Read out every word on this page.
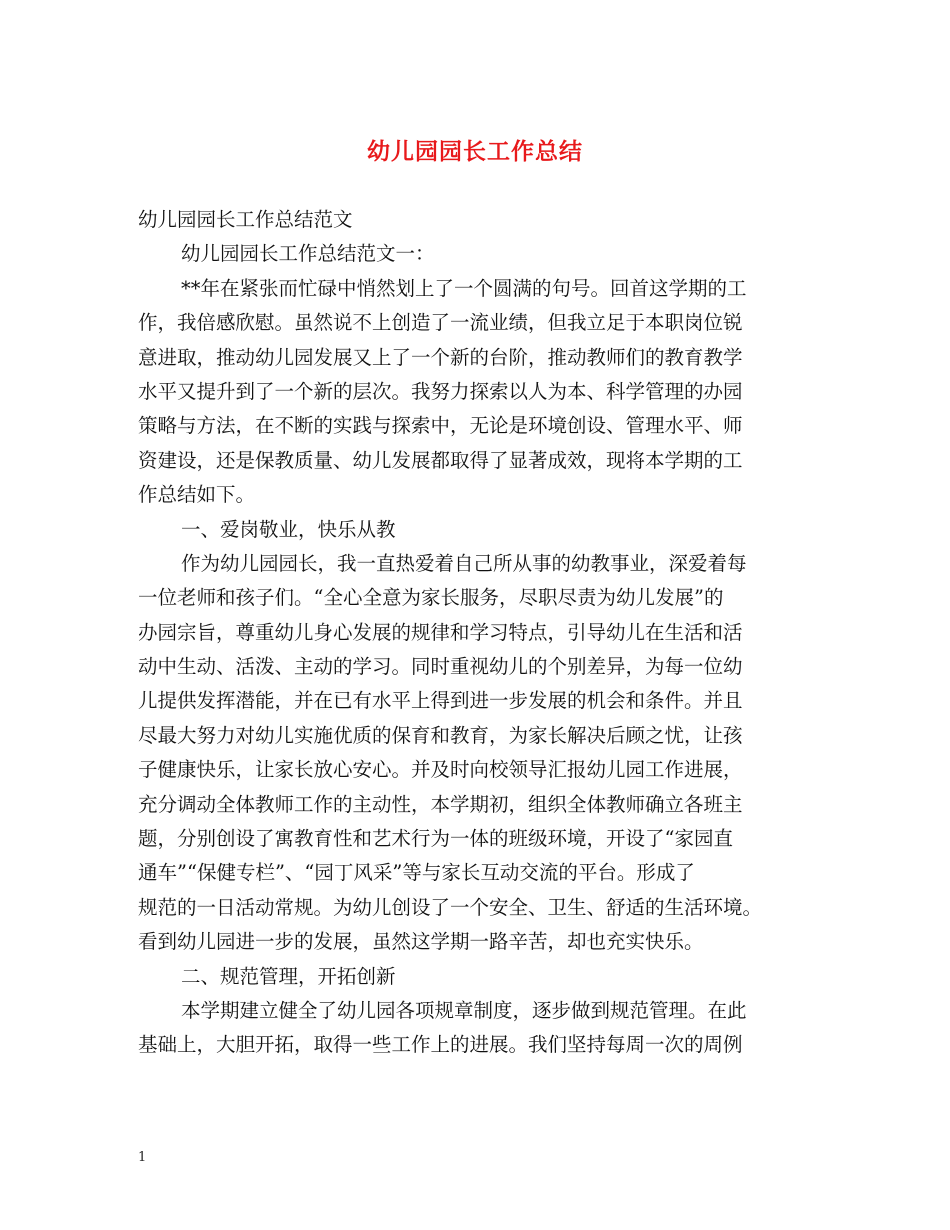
幼儿园园长工作总结
幼儿园园长工作总结范文
幼儿园园长工作总结范文一：
**年在紧张而忙碌中悄然划上了一个圆满的句号。回首这学期的工
作，我倍感欣慰。虽然说不上创造了一流业绩，但我立足于本职岗位锐
意进取，推动幼儿园发展又上了一个新的台阶，推动教师们的教育教学
水平又提升到了一个新的层次。我努力探索以人为本、科学管理的办园
策略与方法，在不断的实践与探索中，无论是环境创设、管理水平、师
资建设，还是保教质量、幼儿发展都取得了显著成效，现将本学期的工
作总结如下。
一、爱岗敬业，快乐从教
作为幼儿园园长，我一直热爱着自己所从事的幼教事业，深爱着每
一位老师和孩子们。“全心全意为家长服务，尽职尽责为幼儿发展”的
办园宗旨，尊重幼儿身心发展的规律和学习特点，引导幼儿在生活和活
动中生动、活泼、主动的学习。同时重视幼儿的个别差异，为每一位幼
儿提供发挥潜能，并在已有水平上得到进一步发展的机会和条件。并且
尽最大努力对幼儿实施优质的保育和教育，为家长解决后顾之忧，让孩
子健康快乐，让家长放心安心。并及时向校领导汇报幼儿园工作进展，
充分调动全体教师工作的主动性，本学期初，组织全体教师确立各班主
题，分别创设了寓教育性和艺术行为一体的班级环境，开设了“家园直
通车”“保健专栏”、“园丁风采”等与家长互动交流的平台。形成了
规范的一日活动常规。为幼儿创设了一个安全、卫生、舒适的生活环境。
看到幼儿园进一步的发展，虽然这学期一路辛苦，却也充实快乐。
二、规范管理，开拓创新
本学期建立健全了幼儿园各项规章制度，逐步做到规范管理。在此
基础上，大胆开拓，取得一些工作上的进展。我们坚持每周一次的周例
1
